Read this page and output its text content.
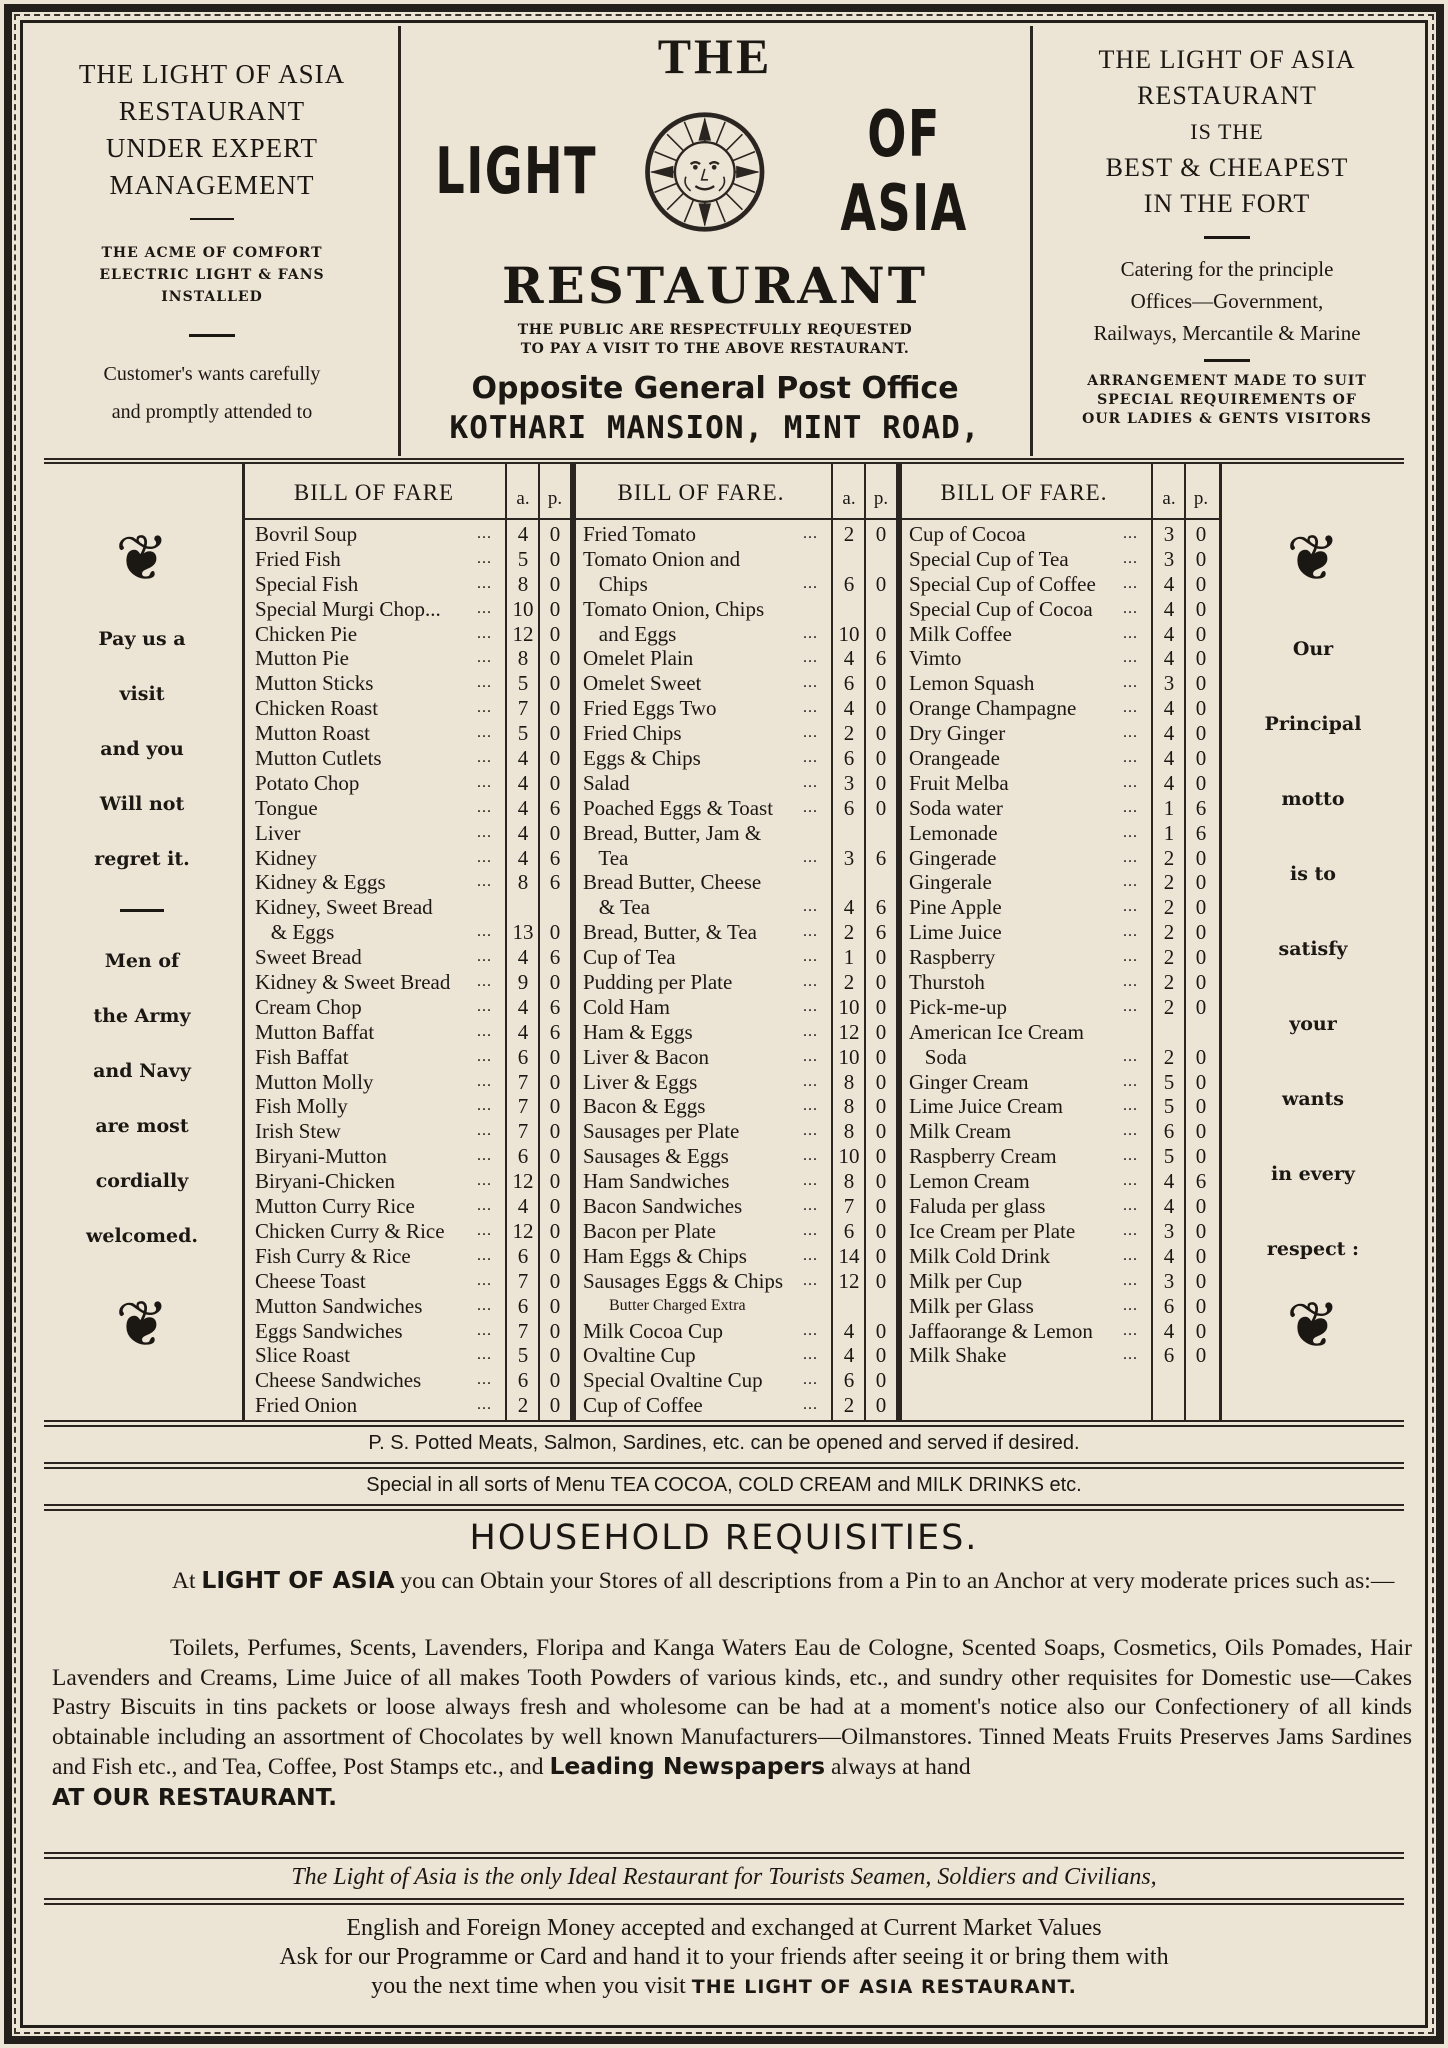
THE LIGHT OF ASIA
RESTAURANT
UNDER EXPERT
MANAGEMENT
THE ACME OF COMFORT
ELECTRIC LIGHT & FANS
INSTALLED
Customer's wants carefully
and promptly attended to
THE
LIGHT	OF ASIA
RESTAURANT
THE PUBLIC ARE RESPECTFULLY REQUESTED
TO PAY A VISIT TO THE ABOVE RESTAURANT.
Opposite General Post Office
KOTHARI MANSION, MINT ROAD,
THE LIGHT OF ASIA
RESTAURANT
IS THE
BEST & CHEAPEST
IN THE FORT
Catering for the principle
Offices—Government,
Railways, Mercantile & Marine
ARRANGEMENT MADE TO SUIT
SPECIAL REQUIREMENTS OF
OUR LADIES & GENTS VISITORS
❦
Pay us a
visit
and you
Will not
regret it.
Men of
the Army
and Navy
are most
cordially
welcomed.
❦
BILL OF FARE	a. p.
Bovril Soup	...	4	0
Fried Fish	...	5	0
Special Fish	...	8	0
Special Murgi Chop... ... 10 0
Chicken Pie	... 12 0
Mutton Pie	...	8	0
Mutton Sticks	...	5	0
Chicken Roast	...	7	0
Mutton Roast	...	5	0
Mutton Cutlets	...	4	0
Potato Chop	...	4	0
Tongue	...	4	6
Liver	...	4	0
Kidney	...	4	6
Kidney & Eggs	...	8	6
Kidney, Sweet Bread
& Eggs	... 13 0
Sweet Bread	...	4	6
Kidney & Sweet Bread ...	9	0
Cream Chop	...	4	6
Mutton Baffat	...	4	6
Fish Baffat	...	6	0
Mutton Molly	...	7	0
Fish Molly	...	7	0
Irish Stew	...	7	0
Biryani-Mutton	...	6	0
Biryani-Chicken	... 12 0
Mutton Curry Rice	...	4	0
Chicken Curry & Rice ... 12 0
Fish Curry & Rice	...	6	0
Cheese Toast	...	7	0
Mutton Sandwiches	...	6	0
Eggs Sandwiches	...	7	0
Slice Roast	...	5	0
Cheese Sandwiches	...	6	0
Fried Onion	...	2	0
BILL OF FARE.	a. p.
Fried Tomato	...	2	0
Tomato Onion and
Chips	...	6	0
Tomato Onion, Chips
and Eggs	... 10 0
Omelet Plain	...	4	6
Omelet Sweet	...	6	0
Fried Eggs Two	...	4	0
Fried Chips	...	2	0
Eggs & Chips	...	6	0
Salad	...	3	0
Poached Eggs & Toast ...	6	0
Bread, Butter, Jam &
Tea	...	3	6
Bread Butter, Cheese
& Tea	...	4	6
Bread, Butter, & Tea	...	2	6
Cup of Tea	...	1	0
Pudding per Plate	...	2	0
Cold Ham	... 10 0
Ham & Eggs	... 12 0
Liver & Bacon	... 10 0
Liver & Eggs	...	8	0
Bacon & Eggs	...	8	0
Sausages per Plate	...	8	0
Sausages & Eggs	... 10 0
Ham Sandwiches	...	8	0
Bacon Sandwiches	...	7	0
Bacon per Plate	...	6	0
Ham Eggs & Chips	... 14 0
Sausages Eggs & Chips ... 12 0
Butter Charged Extra
Milk Cocoa Cup	...	4	0
Ovaltine Cup	...	4	0
Special Ovaltine Cup	...	6	0
Cup of Coffee	...	2	0
BILL OF FARE.	a. p.
Cup of Cocoa	...	3	0
Special Cup of Tea	...	3	0
Special Cup of Coffee ...	4	0
Special Cup of Cocoa ...	4	0
Milk Coffee	...	4	0
Vimto	...	4	0
Lemon Squash	...	3	0
Orange Champagne	...	4	0
Dry Ginger	...	4	0
Orangeade	...	4	0
Fruit Melba	...	4	0
Soda water	...	1	6
Lemonade	...	1	6
Gingerade	...	2	0
Gingerale	...	2	0
Pine Apple	...	2	0
Lime Juice	...	2	0
Raspberry	...	2	0
Thurstoh	...	2	0
Pick-me-up	...	2	0
American Ice Cream
Soda	...	2	0
Ginger Cream	...	5	0
Lime Juice Cream	...	5	0
Milk Cream	...	6	0
Raspberry Cream	...	5	0
Lemon Cream	...	4	6
Faluda per glass	...	4	0
Ice Cream per Plate	...	3	0
Milk Cold Drink	...	4	0
Milk per Cup	...	3	0
Milk per Glass	...	6	0
Jaffaorange & Lemon ...	4	0
Milk Shake	...	6	0
❦
Our
Principal
motto
is to
satisfy
your
wants
in every
respect :
❦
P. S. Potted Meats, Salmon, Sardines, etc. can be opened and served if desired.
Special in all sorts of Menu TEA COCOA, COLD CREAM and MILK DRINKS etc.
HOUSEHOLD REQUISITIES.
At LIGHT OF ASIA you can Obtain your Stores of all descriptions from a Pin to an Anchor at very moderate prices such as:—
Toilets, Perfumes, Scents, Lavenders, Floripa and Kanga Waters Eau de Cologne, Scented Soaps, Cosmetics, Oils Pomades, Hair Lavenders and Creams, Lime Juice of all makes Tooth Powders of various kinds, etc., and sundry other requisites for Domestic use—Cakes Pastry Biscuits in tins packets or loose always fresh and wholesome can be had at a moment's notice also our Confectionery of all kinds obtainable including an assortment of Chocolates by well known Manufacturers—Oilmanstores. Tinned Meats Fruits Preserves Jams Sardines and Fish etc., and Tea, Coffee, Post Stamps etc., and Leading Newspapers always at hand
AT OUR RESTAURANT.
The Light of Asia is the only Ideal Restaurant for Tourists Seamen, Soldiers and Civilians,
English and Foreign Money accepted and exchanged at Current Market Values
Ask for our Programme or Card and hand it to your friends after seeing it or bring them with
you the next time when you visit THE LIGHT OF ASIA RESTAURANT.
